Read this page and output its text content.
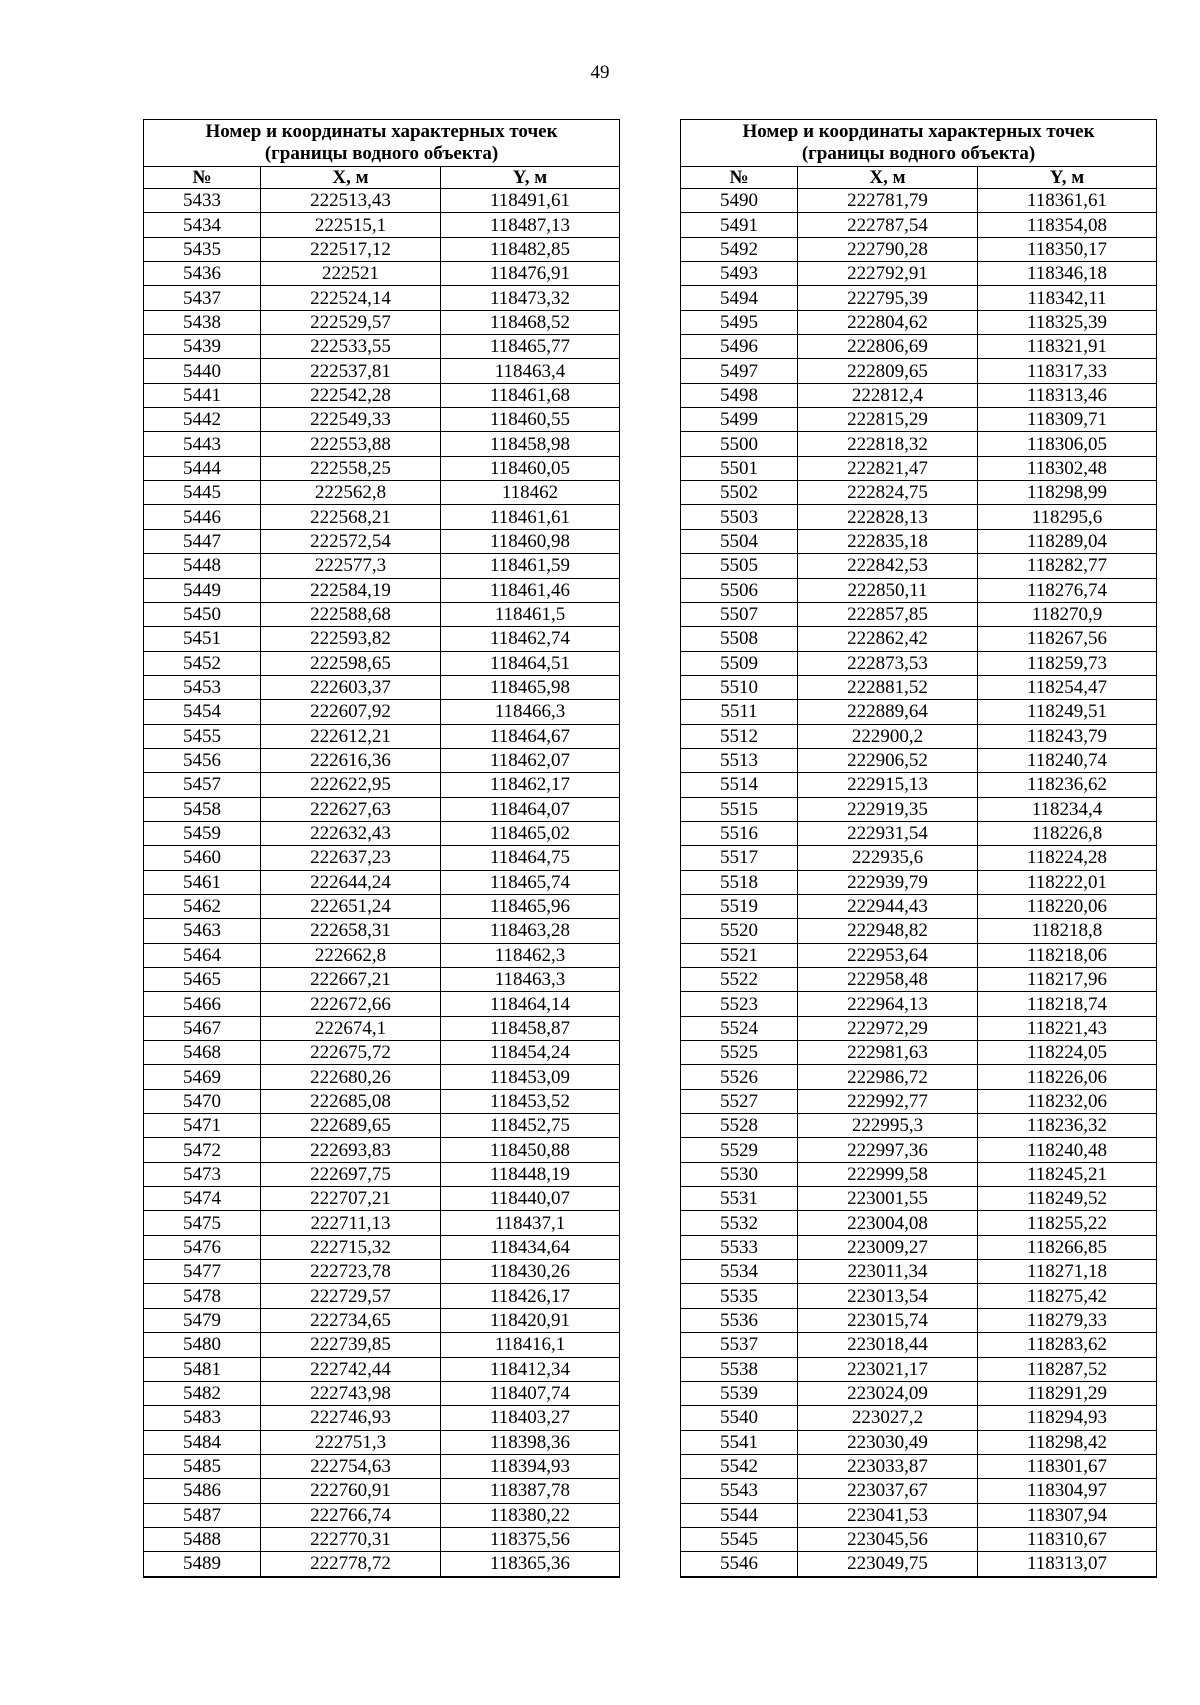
49
Номер и координаты характерных точек
(границы водного объекта)		
№	X, м	Y, м
5433	222513,43	118491,61
5434	222515,1	118487,13
5435	222517,12	118482,85
5436	222521	118476,91
5437	222524,14	118473,32
5438	222529,57	118468,52
5439	222533,55	118465,77
5440	222537,81	118463,4
5441	222542,28	118461,68
5442	222549,33	118460,55
5443	222553,88	118458,98
5444	222558,25	118460,05
5445	222562,8	118462
5446	222568,21	118461,61
5447	222572,54	118460,98
5448	222577,3	118461,59
5449	222584,19	118461,46
5450	222588,68	118461,5
5451	222593,82	118462,74
5452	222598,65	118464,51
5453	222603,37	118465,98
5454	222607,92	118466,3
5455	222612,21	118464,67
5456	222616,36	118462,07
5457	222622,95	118462,17
5458	222627,63	118464,07
5459	222632,43	118465,02
5460	222637,23	118464,75
5461	222644,24	118465,74
5462	222651,24	118465,96
5463	222658,31	118463,28
5464	222662,8	118462,3
5465	222667,21	118463,3
5466	222672,66	118464,14
5467	222674,1	118458,87
5468	222675,72	118454,24
5469	222680,26	118453,09
5470	222685,08	118453,52
5471	222689,65	118452,75
5472	222693,83	118450,88
5473	222697,75	118448,19
5474	222707,21	118440,07
5475	222711,13	118437,1
5476	222715,32	118434,64
5477	222723,78	118430,26
5478	222729,57	118426,17
5479	222734,65	118420,91
5480	222739,85	118416,1
5481	222742,44	118412,34
5482	222743,98	118407,74
5483	222746,93	118403,27
5484	222751,3	118398,36
5485	222754,63	118394,93
5486	222760,91	118387,78
5487	222766,74	118380,22
5488	222770,31	118375,56
5489	222778,72	118365,36
Номер и координаты характерных точек
(границы водного объекта)		
№	X, м	Y, м
5490	222781,79	118361,61
5491	222787,54	118354,08
5492	222790,28	118350,17
5493	222792,91	118346,18
5494	222795,39	118342,11
5495	222804,62	118325,39
5496	222806,69	118321,91
5497	222809,65	118317,33
5498	222812,4	118313,46
5499	222815,29	118309,71
5500	222818,32	118306,05
5501	222821,47	118302,48
5502	222824,75	118298,99
5503	222828,13	118295,6
5504	222835,18	118289,04
5505	222842,53	118282,77
5506	222850,11	118276,74
5507	222857,85	118270,9
5508	222862,42	118267,56
5509	222873,53	118259,73
5510	222881,52	118254,47
5511	222889,64	118249,51
5512	222900,2	118243,79
5513	222906,52	118240,74
5514	222915,13	118236,62
5515	222919,35	118234,4
5516	222931,54	118226,8
5517	222935,6	118224,28
5518	222939,79	118222,01
5519	222944,43	118220,06
5520	222948,82	118218,8
5521	222953,64	118218,06
5522	222958,48	118217,96
5523	222964,13	118218,74
5524	222972,29	118221,43
5525	222981,63	118224,05
5526	222986,72	118226,06
5527	222992,77	118232,06
5528	222995,3	118236,32
5529	222997,36	118240,48
5530	222999,58	118245,21
5531	223001,55	118249,52
5532	223004,08	118255,22
5533	223009,27	118266,85
5534	223011,34	118271,18
5535	223013,54	118275,42
5536	223015,74	118279,33
5537	223018,44	118283,62
5538	223021,17	118287,52
5539	223024,09	118291,29
5540	223027,2	118294,93
5541	223030,49	118298,42
5542	223033,87	118301,67
5543	223037,67	118304,97
5544	223041,53	118307,94
5545	223045,56	118310,67
5546	223049,75	118313,07
